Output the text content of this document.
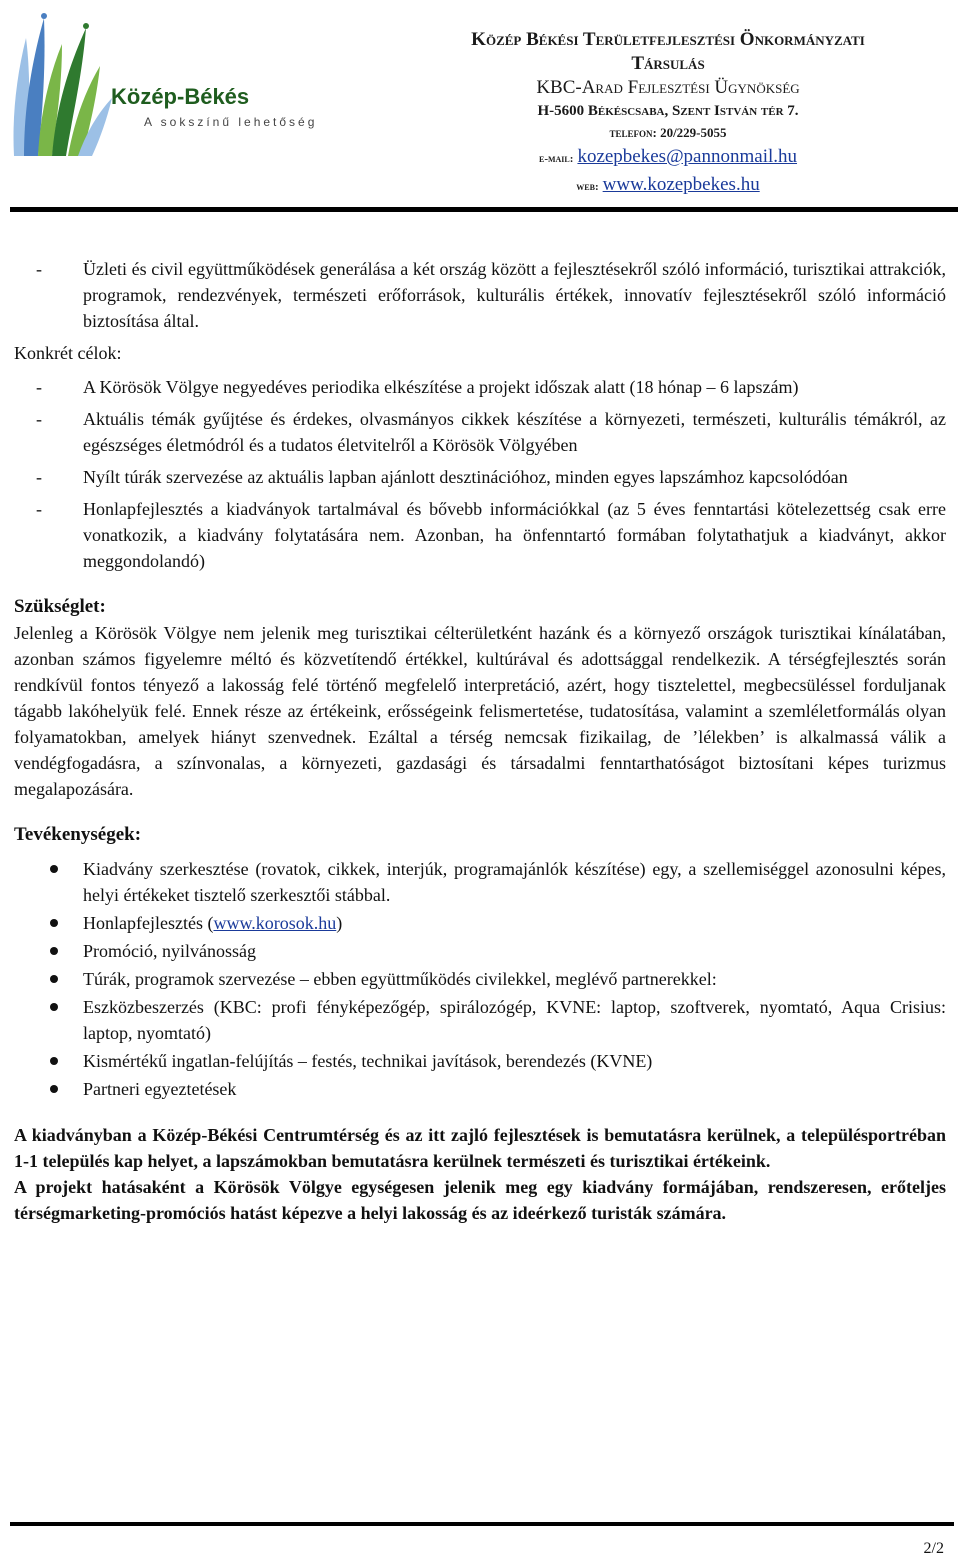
Közép-Békés
A sokszínű lehetőség
Közép Békési Területfejlesztési Önkormányzati
Társulás
KBC-Arad Fejlesztési Ügynökség
H-5600 Békéscsaba, Szent István tér 7.
telefon: 20/229-5055
e-mail: kozepbekes@pannonmail.hu
web: www.kozepbekes.hu
- Üzleti és civil együttműködések generálása a két ország között a fejlesztésekről szóló információ, turisztikai attrakciók, programok, rendezvények, természeti erőforrások, kulturális értékek, innovatív fejlesztésekről szóló információ biztosítása által.
Konkrét célok:
- A Körösök Völgye negyedéves periodika elkészítése a projekt időszak alatt (18 hónap – 6 lapszám)
- Aktuális témák gyűjtése és érdekes, olvasmányos cikkek készítése a környezeti, természeti, kulturális témákról, az egészséges életmódról és a tudatos életvitelről a Körösök Völgyében
- Nyílt túrák szervezése az aktuális lapban ajánlott desztinációhoz, minden egyes lapszámhoz kapcsolódóan
- Honlapfejlesztés a kiadványok tartalmával és bővebb információkkal (az 5 éves fenntartási kötelezettség csak erre vonatkozik, a kiadvány folytatására nem. Azonban, ha önfenntartó formában folytathatjuk a kiadványt, akkor meggondolandó)
Szükséglet:

Jelenleg a Körösök Völgye nem jelenik meg turisztikai célterületként hazánk és a környező országok turisztikai kínálatában, azonban számos figyelemre méltó és közvetítendő értékkel, kultúrával és adottsággal rendelkezik. A térségfejlesztés során rendkívül fontos tényező a lakosság felé történő megfelelő interpretáció, azért, hogy tisztelettel, megbecsüléssel forduljanak tágabb lakóhelyük felé. Ennek része az értékeink, erősségeink felismertetése, tudatosítása, valamint a szemléletformálás olyan folyamatokban, amelyek hiányt szenvednek. Ezáltal a térség nemcsak fizikailag, de ’lélekben’ is alkalmassá válik a vendégfogadásra, a színvonalas, a környezeti, gazdasági és társadalmi fenntarthatóságot biztosítani képes turizmus megalapozására.

Tevékenységek:
Kiadvány szerkesztése (rovatok, cikkek, interjúk, programajánlók készítése) egy, a szellemiséggel azonosulni képes, helyi értékeket tisztelő szerkesztői stábbal.
Honlapfejlesztés (www.korosok.hu)
Promóció, nyilvánosság
Túrák, programok szervezése – ebben együttműködés civilekkel, meglévő partnerekkel:
Eszközbeszerzés (KBC: profi fényképezőgép, spirálozógép, KVNE: laptop, szoftverek, nyomtató, Aqua Crisius: laptop, nyomtató)
Kismértékű ingatlan-felújítás – festés, technikai javítások, berendezés (KVNE)
Partneri egyeztetések

A kiadványban a Közép-Békési Centrumtérség és az itt zajló fejlesztések is bemutatásra kerülnek, a településportréban 1-1 település kap helyet, a lapszámokban bemutatásra kerülnek természeti és turisztikai értékeink.

A projekt hatásaként a Körösök Völgye egységesen jelenik meg egy kiadvány formájában, rendszeresen, erőteljes térségmarketing-promóciós hatást képezve a helyi lakosság és az ideérkező turisták számára.

2/2
